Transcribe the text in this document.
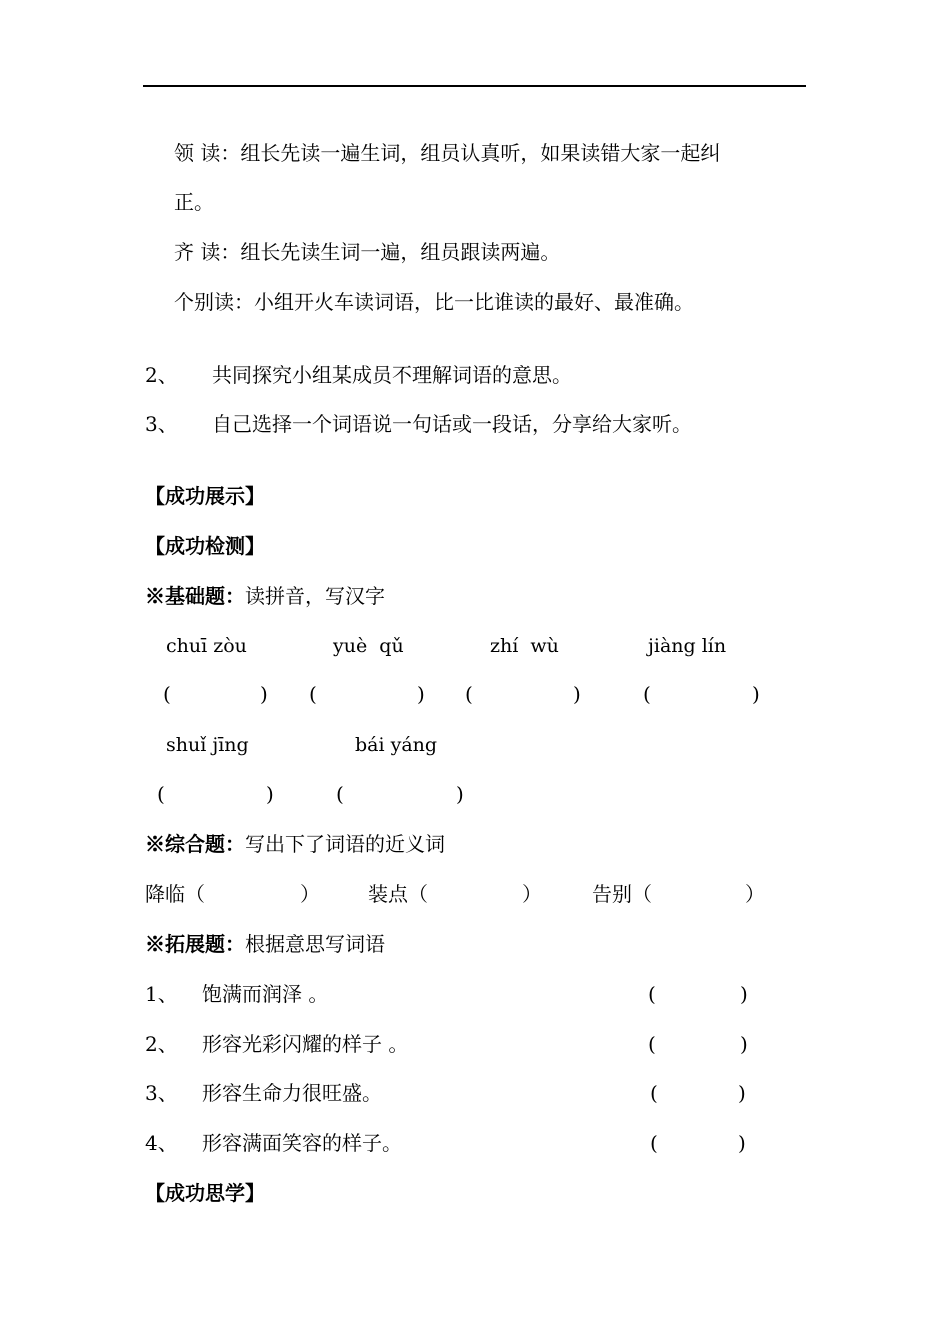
领 读：组长先读一遍生词，组员认真听，如果读错大家一起纠
正。
齐 读：组长先读生词一遍，组员跟读两遍。
个别读：小组开火车读词语，比一比谁读的最好、最准确。
2、 共同探究小组某成员不理解词语的意思。
3、 自己选择一个词语说一句话或一段话，分享给大家听。
【成功展示】
【成功检测】
※基础题：读拼音，写汉字
chuī zòu	yuè  qǔ	zhí  wù	jiàng lín
(	) (	) (	)	(	)
shuǐ jīng	bái yáng
(	)	(	)
※综合题：写出下了词语的近义词
降临（	） 装点（	）	告别（	）
※拓展题：根据意思写词语
1、 饱满而润泽 。	(	)
2、 形容光彩闪耀的样子 。	(	)
3、 形容生命力很旺盛。	(	)
4、 形容满面笑容的样子。	(	)
【成功思学】
